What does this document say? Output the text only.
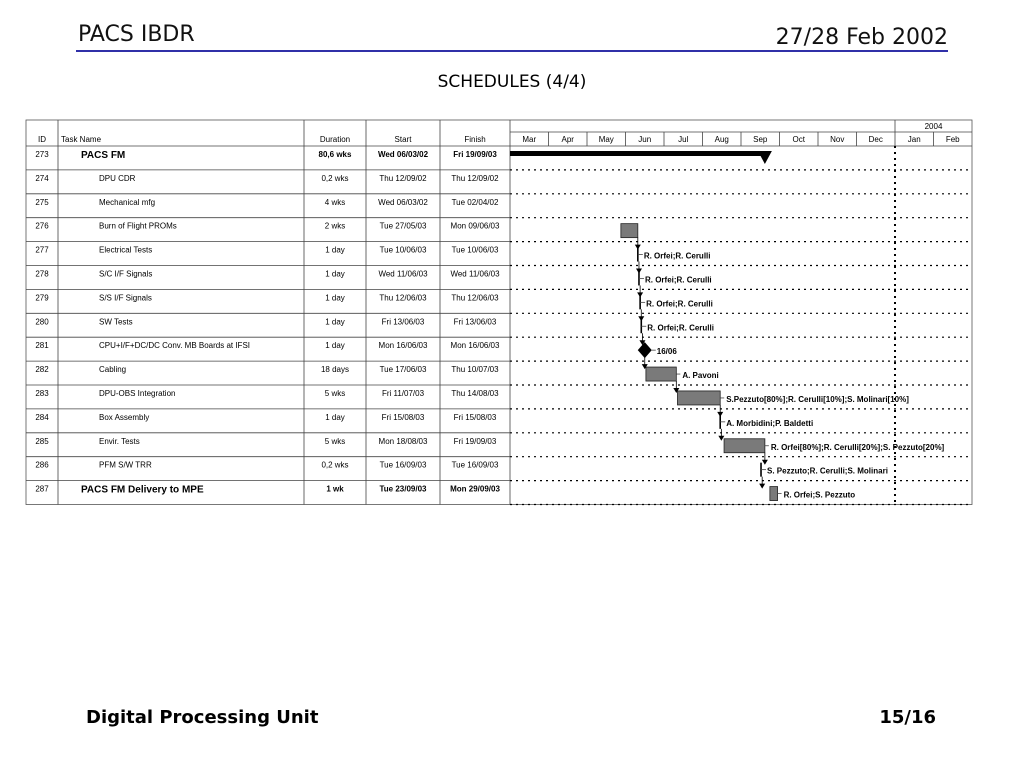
PACS IBDR	27/28 Feb 2002
SCHEDULES (4/4)
2004
Mar	Apr	May	Jun	Jul	Aug	Sep	Oct	Nov	Dec	Jan	Feb
ID Task Name	Duration	Start	Finish
273	PACS FM	80,6 wks	Wed 06/03/02	Fri 19/09/03
274	DPU CDR	0,2 wks	Thu 12/09/02	Thu 12/09/02
275	Mechanical mfg	4 wks	Wed 06/03/02	Tue 02/04/02
276	Burn of Flight PROMs	2 wks	Tue 27/05/03	Mon 09/06/03
277	Electrical Tests	1 day	Tue 10/06/03	Tue 10/06/03
R. Orfei;R. Cerulli
278	S/C I/F Signals	1 day	Wed 11/06/03	Wed 11/06/03
R. Orfei;R. Cerulli
279	S/S I/F Signals	1 day	Thu 12/06/03	Thu 12/06/03
R. Orfei;R. Cerulli
280	SW Tests	1 day	Fri 13/06/03	Fri 13/06/03
R. Orfei;R. Cerulli
281	CPU+I/F+DC/DC Conv. MB Boards at IFSI	1 day	Mon 16/06/03	Mon 16/06/03
16/06
282	Cabling	18 days	Tue 17/06/03	Thu 10/07/03
A. Pavoni
283	DPU-OBS Integration	5 wks	Fri 11/07/03	Thu 14/08/03
S.Pezzuto[80%];R. Cerulli[10%];S. Molinari[10%]
284	Box Assembly	1 day	Fri 15/08/03	Fri 15/08/03
A. Morbidini;P. Baldetti
285	Envir. Tests	5 wks	Mon 18/08/03	Fri 19/09/03
R. Orfei[80%];R. Cerulli[20%];S. Pezzuto[20%]
286	PFM S/W TRR	0,2 wks	Tue 16/09/03	Tue 16/09/03
S. Pezzuto;R. Cerulli;S. Molinari
287	PACS FM Delivery to MPE	1 wk	Tue 23/09/03	Mon 29/09/03
R. Orfei;S. Pezzuto
Digital Processing Unit	15/16
